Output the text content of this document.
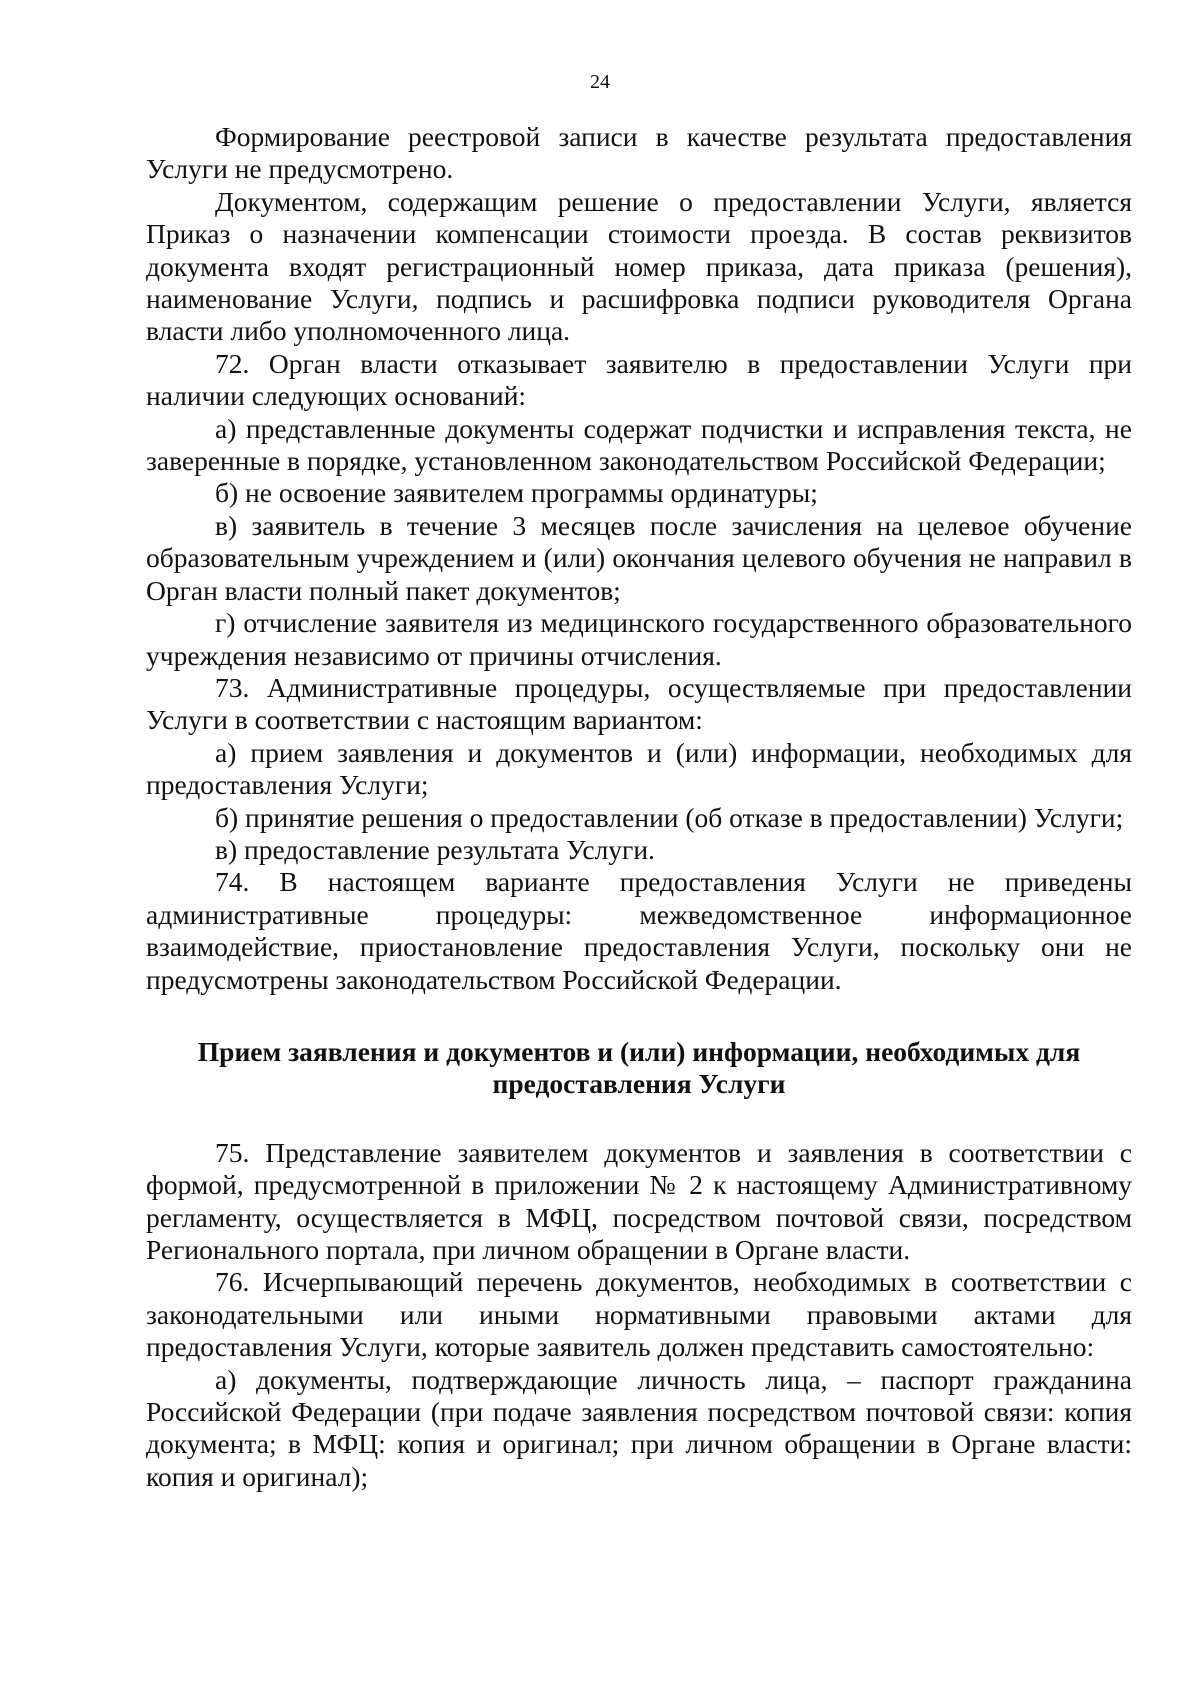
24

Формирование реестровой записи в качестве результата предоставления Услуги не предусмотрено.

Документом, содержащим решение о предоставлении Услуги, является Приказ о назначении компенсации стоимости проезда. В состав реквизитов документа входят регистрационный номер приказа, дата приказа (решения), наименование Услуги, подпись и расшифровка подписи руководителя Органа власти либо уполномоченного лица.

72. Орган власти отказывает заявителю в предоставлении Услуги при наличии следующих оснований:

а) представленные документы содержат подчистки и исправления текста, не заверенные в порядке, установленном законодательством Российской Федерации;

б) не освоение заявителем программы ординатуры;

в) заявитель в течение 3 месяцев после зачисления на целевое обучение образовательным учреждением и (или) окончания целевого обучения не направил в Орган власти полный пакет документов;

г) отчисление заявителя из медицинского государственного образовательного учреждения независимо от причины отчисления.

73. Административные процедуры, осуществляемые при предоставлении Услуги в соответствии с настоящим вариантом:

а) прием заявления и документов и (или) информации, необходимых для предоставления Услуги;

б) принятие решения о предоставлении (об отказе в предоставлении) Услуги;

в) предоставление результата Услуги.

74. В настоящем варианте предоставления Услуги не приведены административные процедуры: межведомственное информационное взаимодействие, приостановление предоставления Услуги, поскольку они не предусмотрены законодательством Российской Федерации.

Прием заявления и документов и (или) информации, необходимых для
предоставления Услуги

75. Представление заявителем документов и заявления в соответствии с формой, предусмотренной в приложении № 2 к настоящему Административному регламенту, осуществляется в МФЦ, посредством почтовой связи, посредством Регионального портала, при личном обращении в Органе власти.

76. Исчерпывающий перечень документов, необходимых в соответствии с законодательными или иными нормативными правовыми актами для предоставления Услуги, которые заявитель должен представить самостоятельно:

а) документы, подтверждающие личность лица, – паспорт гражданина Российской Федерации (при подаче заявления посредством почтовой связи: копия документа; в МФЦ: копия и оригинал; при личном обращении в Органе власти: копия и оригинал);
